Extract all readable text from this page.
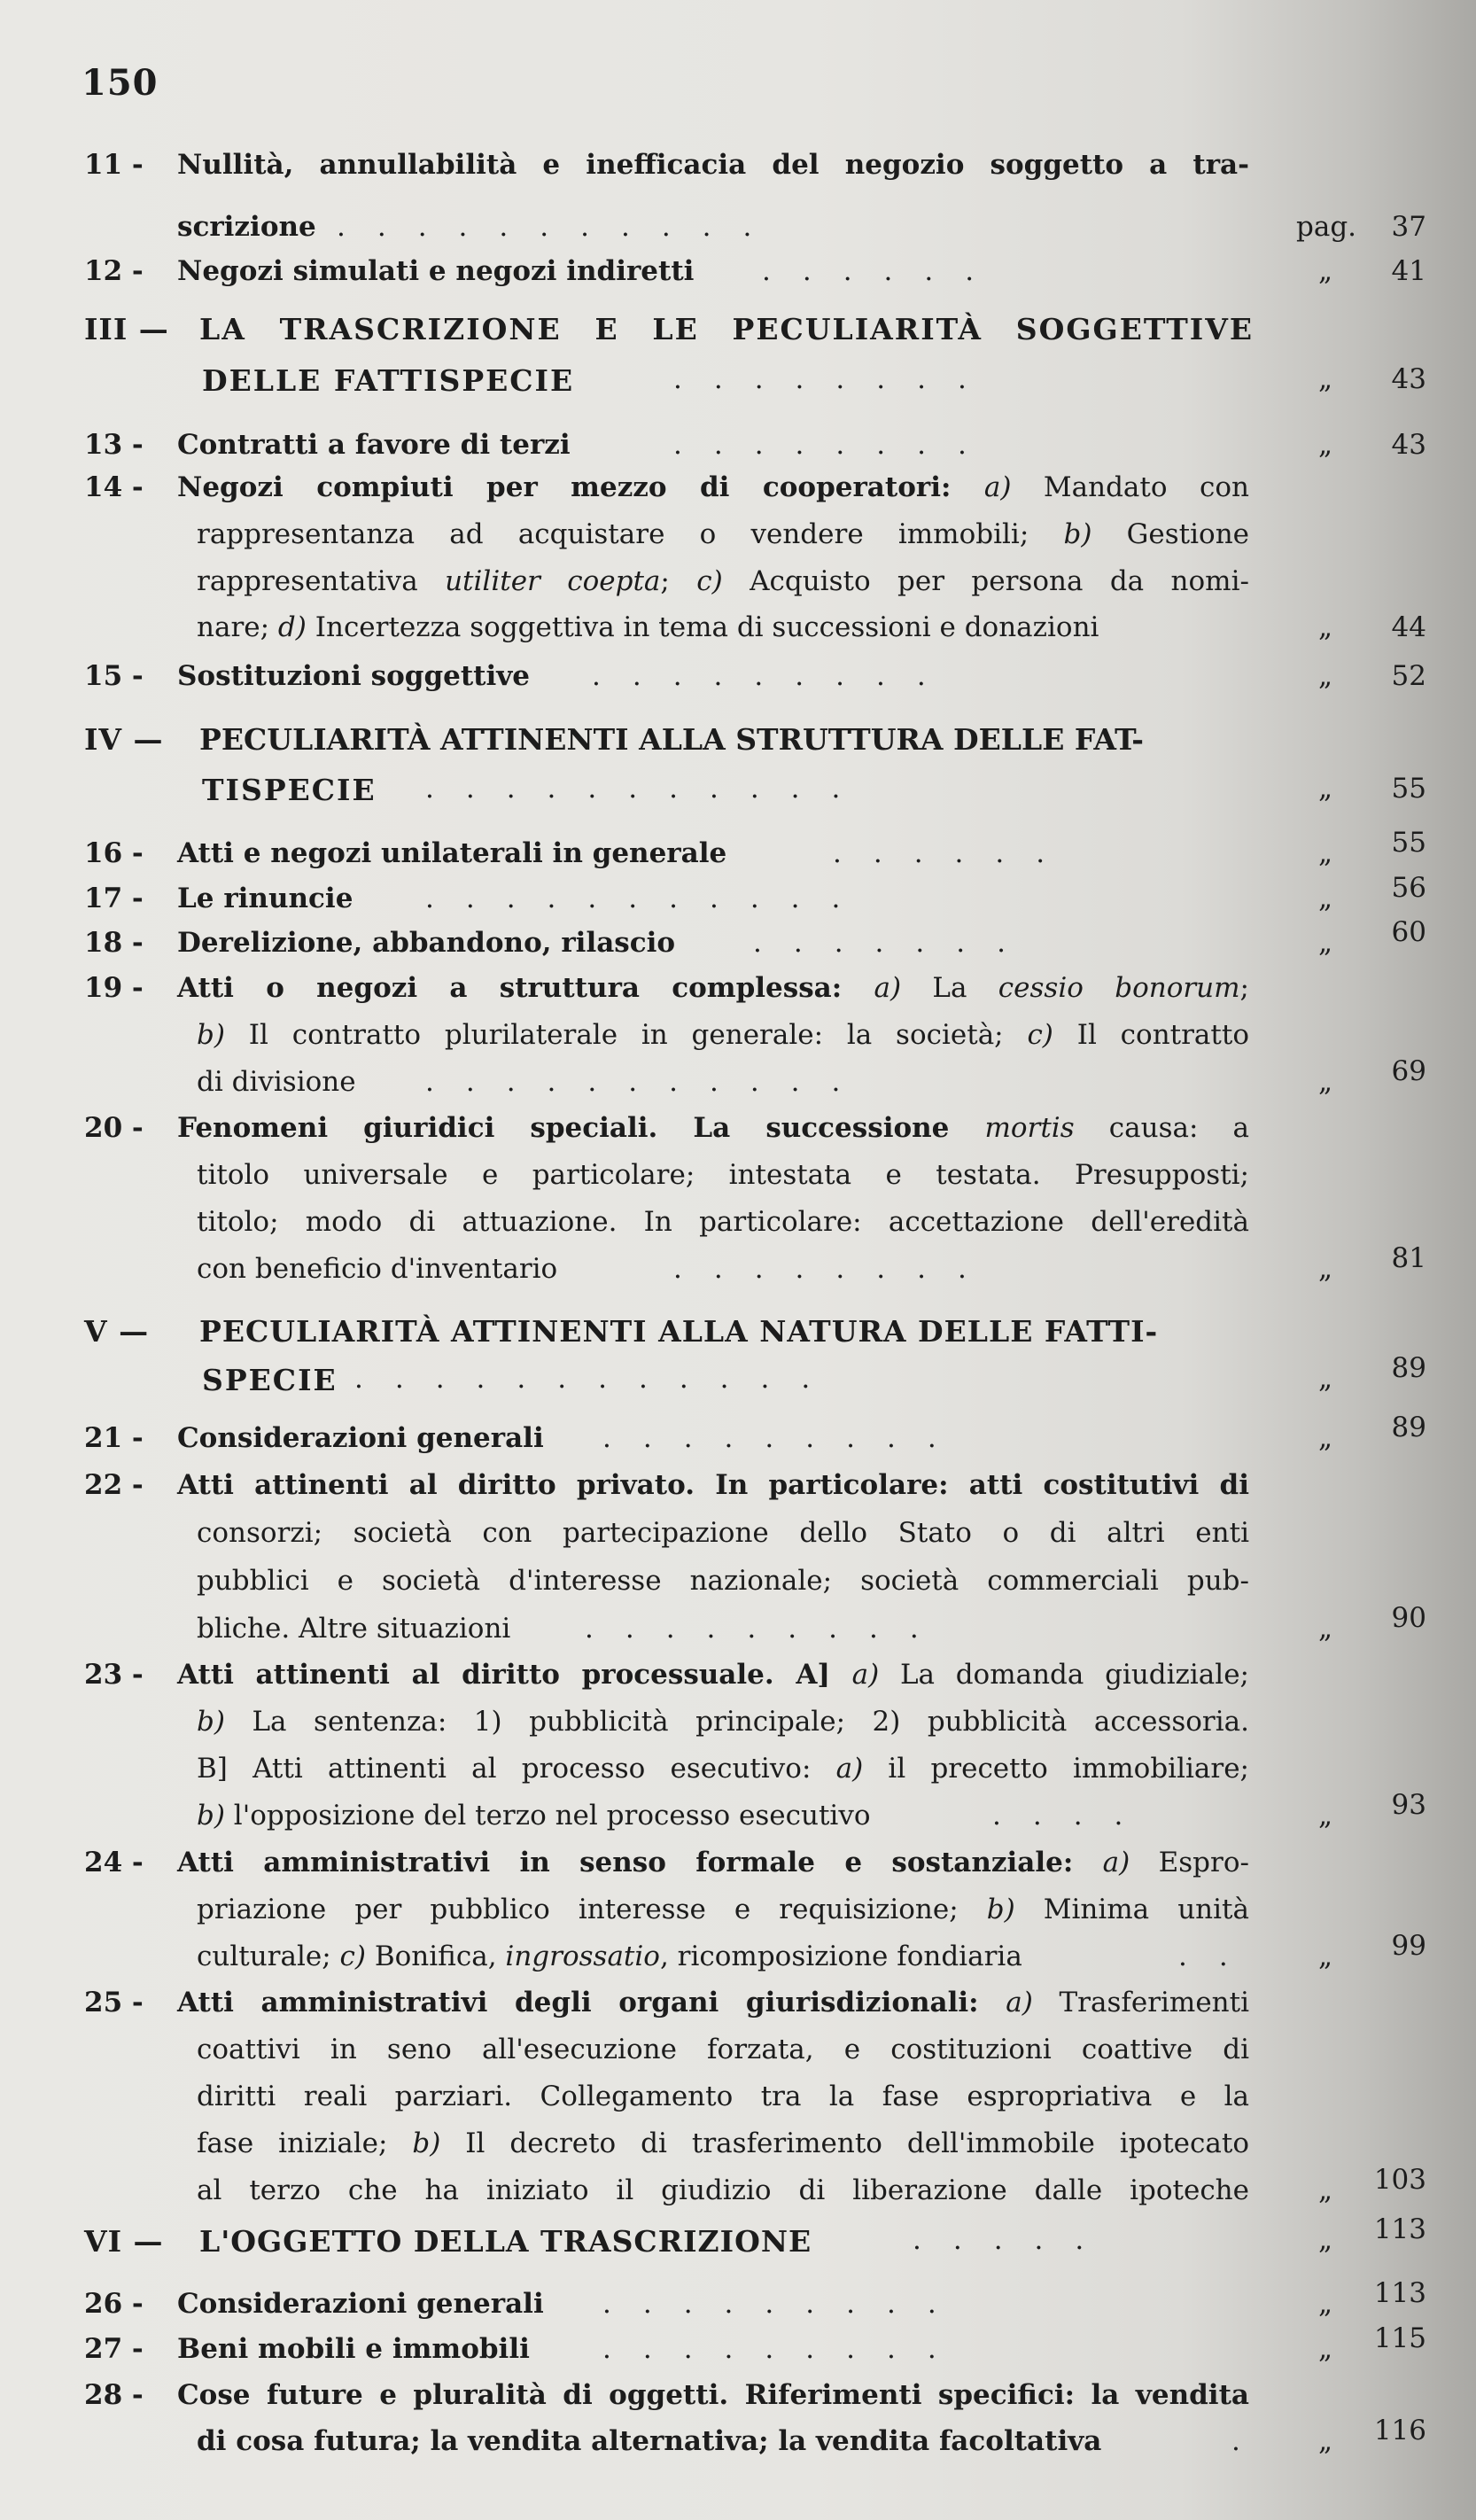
150
11 - Nullità, annullabilità e inefficacia del negozio soggetto a tra-
scrizione ...........	pag. 37
12 - Negozi simulati e negozi indiretti ......	„ 41
III — LA TRASCRIZIONE E LE PECULIARITÀ SOGGETTIVE
DELLE FATTISPECIE	........	„ 43
13 - Contratti a favore di terzi	........	„ 43
14 - Negozi compiuti per mezzo di cooperatori: a) Mandato con
rappresentanza ad acquistare o vendere immobili; b) Gestione
rappresentativa utiliter coepta; c) Acquisto per persona da nomi-
nare; d) Incertezza soggettiva in tema di successioni e donazioni	„ 44
15 - Sostituzioni soggettive .........	„ 52
IV — PECULIARITÀ ATTINENTI ALLA STRUTTURA DELLE FAT-
TISPECIE ...........	„ 55
16 - Atti e negozi unilaterali in generale	......	„ 55
17 - Le rinuncie	...........	„ 56
18 - Derelizione, abbandono, rilascio	.......	„ 60
19 - Atti o negozi a struttura complessa: a) La cessio bonorum;
b) Il contratto plurilaterale in generale: la società; c) Il contratto
di divisione	...........	„ 69
20 - Fenomeni giuridici speciali. La successione mortis causa: a
titolo universale e particolare; intestata e testata. Presupposti;
titolo; modo di attuazione. In particolare: accettazione dell'eredità
con beneficio d'inventario	........	„ 81
V — PECULIARITÀ ATTINENTI ALLA NATURA DELLE FATTI-
SPECIE ............	„ 89
21 - Considerazioni generali .........	„ 89
22 - Atti attinenti al diritto privato. In particolare: atti costitutivi di
consorzi; società con partecipazione dello Stato o di altri enti
pubblici e società d'interesse nazionale; società commerciali pub-
bliche. Altre situazioni	.........	„ 90
23 - Atti attinenti al diritto processuale. A] a) La domanda giudiziale;
b) La sentenza: 1) pubblicità principale; 2) pubblicità accessoria.
B] Atti attinenti al processo esecutivo: a) il precetto immobiliare;
b) l'opposizione del terzo nel processo esecutivo	....	„ 93
24 - Atti amministrativi in senso formale e sostanziale: a) Espro-
priazione per pubblico interesse e requisizione; b) Minima unità
culturale; c) Bonifica, ingrossatio, ricomposizione fondiaria	.. „ 99
25 - Atti amministrativi degli organi giurisdizionali: a) Trasferimenti
coattivi in seno all'esecuzione forzata, e costituzioni coattive di
diritti reali parziari. Collegamento tra la fase espropriativa e la
fase iniziale; b) Il decreto di trasferimento dell'immobile ipotecato
al terzo che ha iniziato il giudizio di liberazione dalle ipoteche	„ 103
VI — L'OGGETTO DELLA TRASCRIZIONE	.....	„ 113
26 - Considerazioni generali .........	„ 113
27 - Beni mobili e immobili	.........	„ 115
28 - Cose future e pluralità di oggetti. Riferimenti specifici: la vendita
di cosa futura; la vendita alternativa; la vendita facoltativa	. „ 116
